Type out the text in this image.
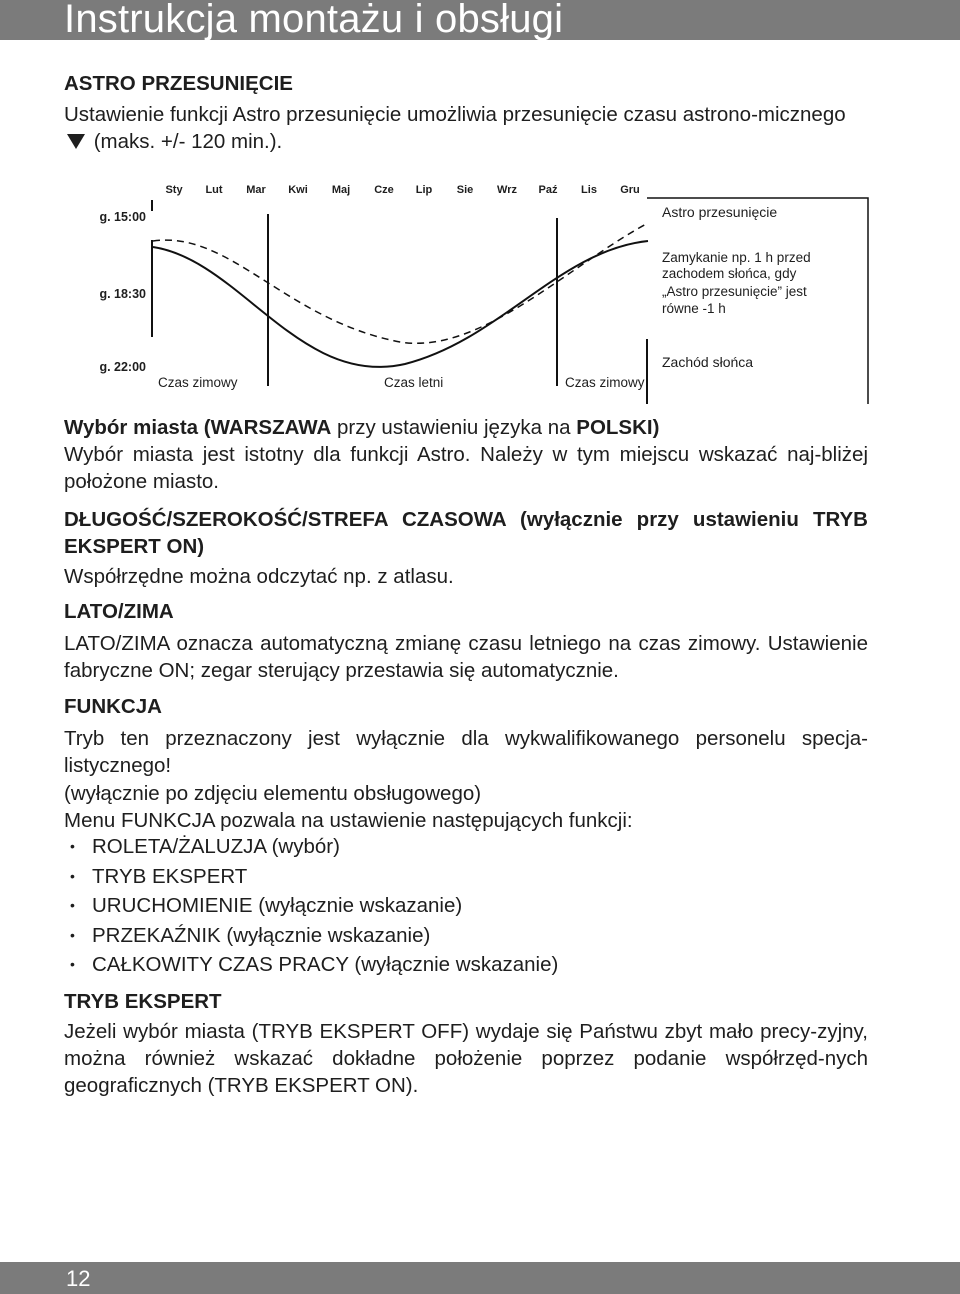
Instrukcja montażu i obsługi
ASTRO PRZESUNIĘCIE
Ustawienie funkcji Astro przesunięcie umożliwia przesunięcie czasu astrono-micznego  (maks. +/- 120 min.).
Sty Lut Mar Kwi Maj Cze Lip Sie Wrz Paź Lis Gru
g. 15:00
g. 18:30
g. 22:00
Czas zimowy	Czas letni	Czas zimowy
Astro przesunięcie
Zamykanie np. 1 h przed
zachodem słońca, gdy
„Astro przesunięcie” jest
równe -1 h
Zachód słońca
Wybór miasta (WARSZAWA przy ustawieniu języka na POLSKI)
Wybór miasta jest istotny dla funkcji Astro. Należy w tym miejscu wskazać naj-bliżej położone miasto.
DŁUGOŚĆ/SZEROKOŚĆ/STREFA CZASOWA (wyłącznie przy ustawieniu TRYB EKSPERT ON)
Współrzędne można odczytać np. z atlasu.
LATO/ZIMA
LATO/ZIMA oznacza automatyczną zmianę czasu letniego na czas zimowy. Ustawienie fabryczne ON; zegar sterujący przestawia się automatycznie.
FUNKCJA
Tryb ten przeznaczony jest wyłącznie dla wykwalifikowanego personelu specja-listycznego!
(wyłącznie po zdjęciu elementu obsługowego)
Menu FUNKCJA pozwala na ustawienie następujących funkcji:
• ROLETA/ŻALUZJA (wybór)
• TRYB EKSPERT
• URUCHOMIENIE (wyłącznie wskazanie)
• PRZEKAŹNIK (wyłącznie wskazanie)
• CAŁKOWITY CZAS PRACY (wyłącznie wskazanie)
TRYB EKSPERT
Jeżeli wybór miasta (TRYB EKSPERT OFF) wydaje się Państwu zbyt mało precy-zyjny, można również wskazać dokładne położenie poprzez podanie współrzęd-nych geograficznych (TRYB EKSPERT ON).
12
